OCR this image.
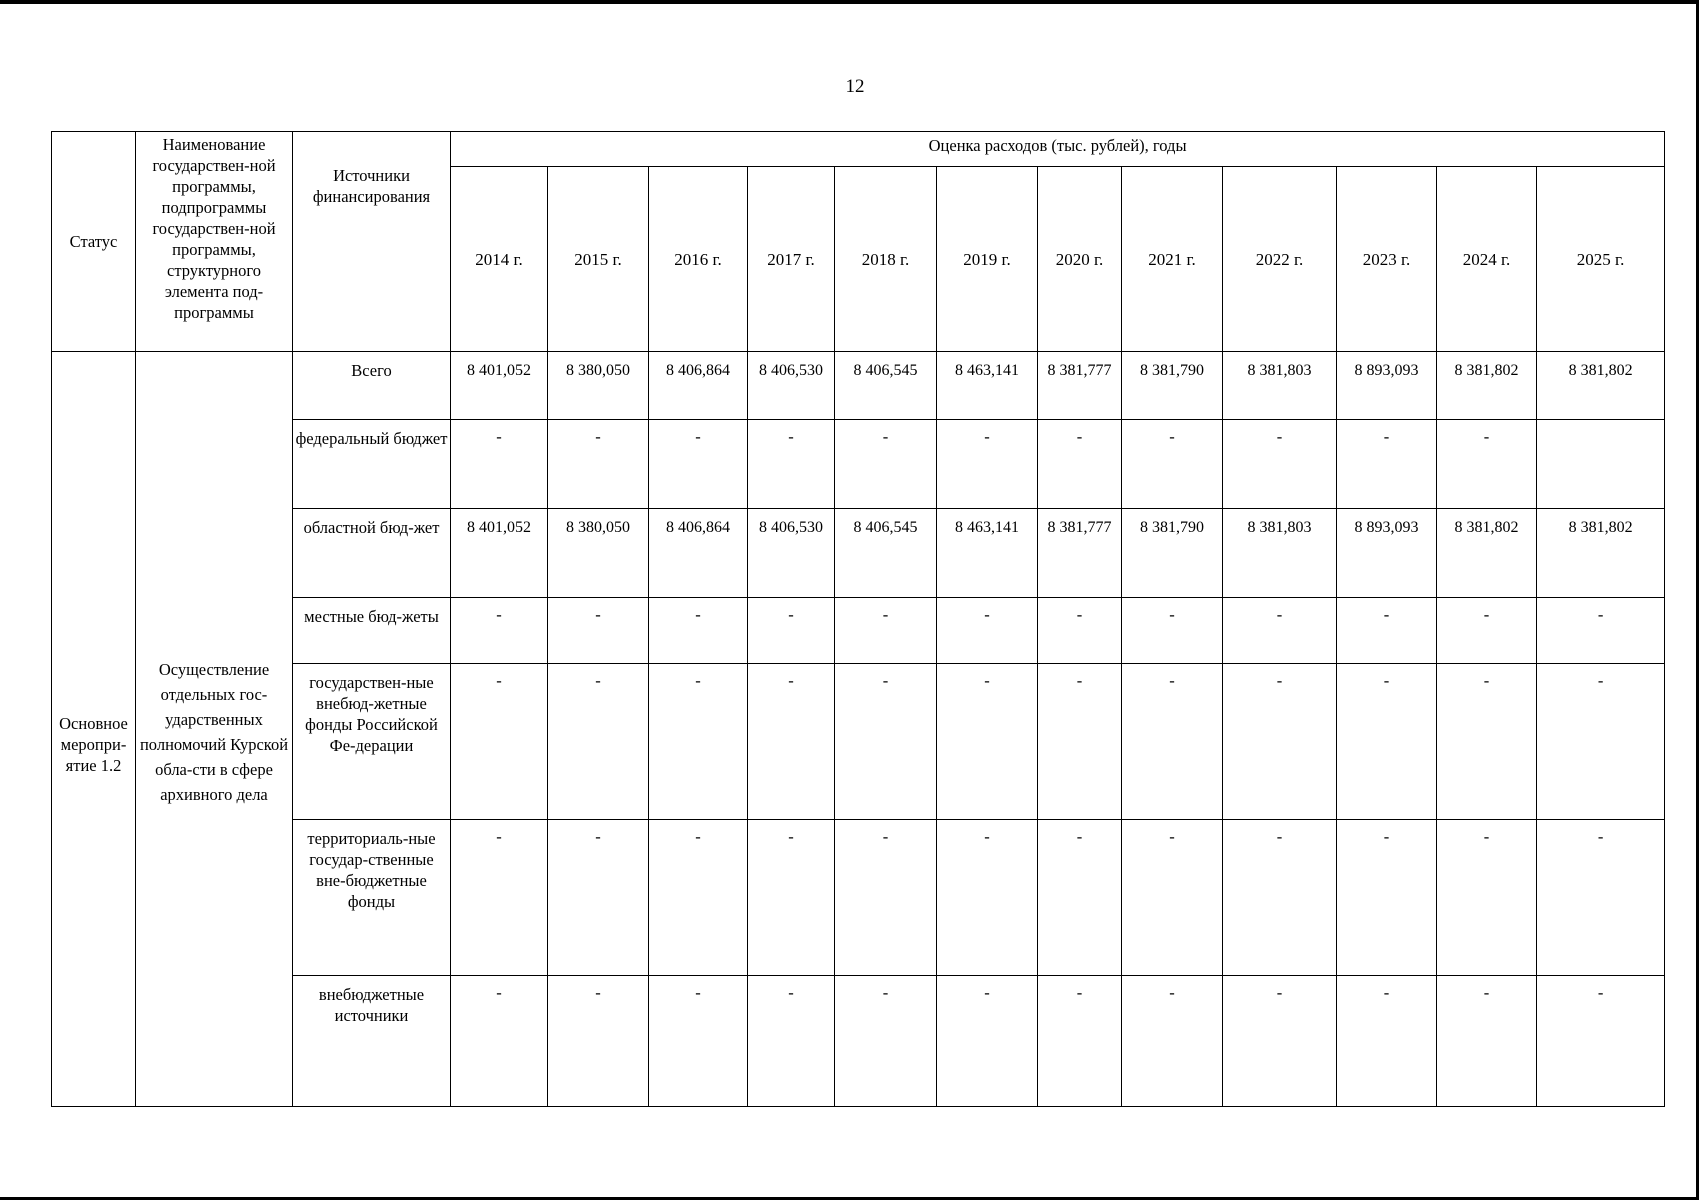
12
Статус	Наименование государствен-ной программы, подпрограммы государствен-ной программы, структурного элемента под-программы	Источники финансирования	Оценка расходов (тыс. рублей), годы											

			2014 г.	2015 г.	2016 г.	2017 г.	2018 г.	2019 г.	2020 г.	2021 г.	2022 г.	2023 г.	2024 г.	2025 г.

Основное меропри-ятие 1.2	Осуществление отдельных гос-ударственных полномочий Курской обла-сти в сфере архивного дела	Всего	8 401,052	8 380,050	8 406,864	8 406,530	8 406,545	8 463,141	8 381,777	8 381,790	8 381,803	8 893,093	8 381,802	8 381,802

		федеральный бюджет	-	-	-	-	-	-	-	-	-	-	-	

		областной бюд-жет	8 401,052	8 380,050	8 406,864	8 406,530	8 406,545	8 463,141	8 381,777	8 381,790	8 381,803	8 893,093	8 381,802	8 381,802

		местные бюд-жеты	-	-	-	-	-	-	-	-	-	-	-	-

		государствен-ные внебюд-жетные фонды Российской Фе-дерации	-	-	-	-	-	-	-	-	-	-	-	-

		территориаль-ные государ-ственные вне-бюджетные фонды	-	-	-	-	-	-	-	-	-	-	-	-

		внебюджетные источники	-	-	-	-	-	-	-	-	-	-	-	-
